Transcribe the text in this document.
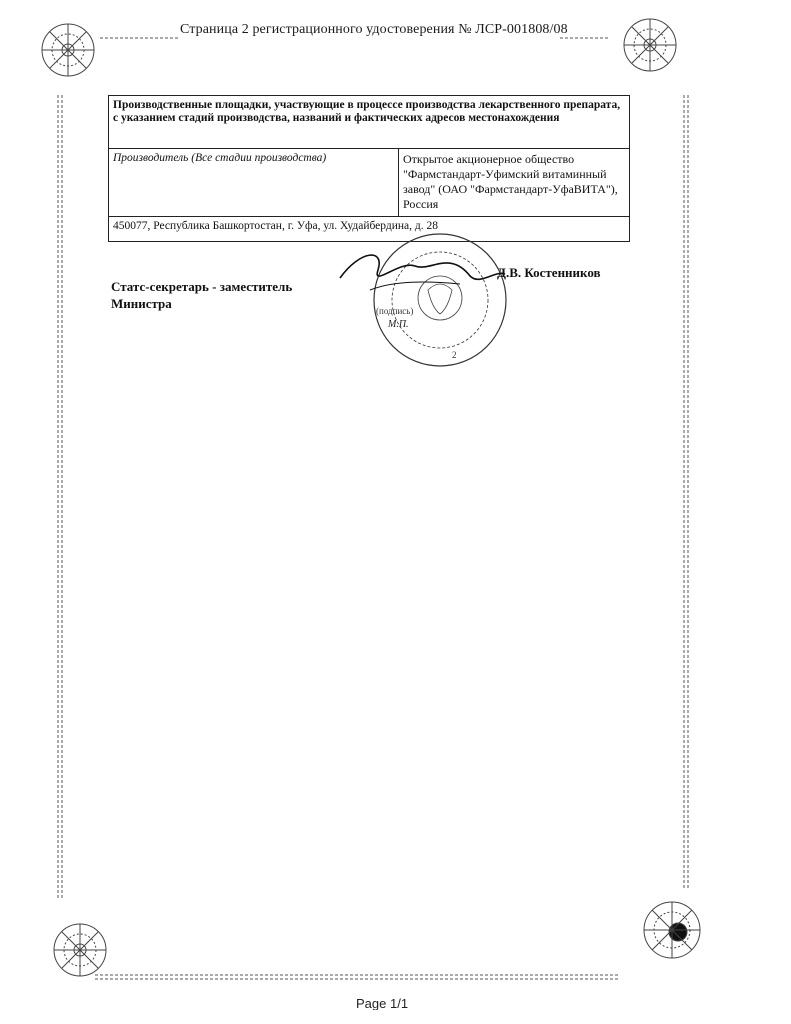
Страница 2 регистрационного удостоверения № ЛСР-001808/08
Производственные площадки, участвующие в процессе производства лекарственного препарата, с указанием стадий производства, названий и фактических адресов местонахождения
Производитель (Все стадии производства)	Открытое акционерное общество
"Фармстандарт-Уфимский витаминный
завод" (ОАО "Фармстандарт-УфаВИТА"),
Россия
450077, Республика Башкортостан, г. Уфа, ул. Худайбердина, д. 28
Статс-секретарь - заместитель
Министра	(подпись)
М.П.
2
Д.В. Костенников
Page 1/1
